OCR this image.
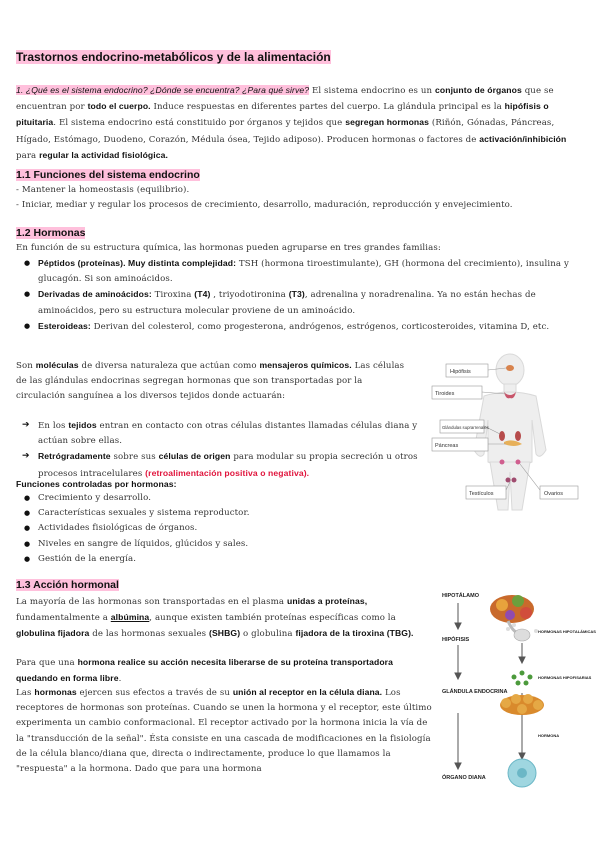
Trastornos endocrino-metabólicos y de la alimentación
1. ¿Qué es el sistema endocrino? ¿Dónde se encuentra? ¿Para qué sirve? El sistema endocrino es un conjunto de órganos que se encuentran por todo el cuerpo. Induce respuestas en diferentes partes del cuerpo. La glándula principal es la hipófisis o pituitaria. El sistema endocrino está constituido por órganos y tejidos que segregan hormonas (Riñón, Gónadas, Páncreas, Hígado, Estómago, Duodeno, Corazón, Médula ósea, Tejido adiposo). Producen hormonas o factores de activación/inhibición para regular la actividad fisiológica.
1.1 Funciones del sistema endocrino
- Mantener la homeostasis (equilibrio).
- Iniciar, mediar y regular los procesos de crecimiento, desarrollo, maduración, reproducción y envejecimiento.
1.2 Hormonas
En función de su estructura química, las hormonas pueden agruparse en tres grandes familias:
● Péptidos (proteínas). Muy distinta complejidad: TSH (hormona tiroestimulante), GH (hormona del crecimiento), insulina y glucagón. Si son aminoácidos.
● Derivadas de aminoácidos: Tiroxina (T4) , triyodotironina (T3), adrenalina y noradrenalina. Ya no están hechas de aminoácidos, pero su estructura molecular proviene de un aminoácido.
● Esteroideas: Derivan del colesterol, como progesterona, andrógenos, estrógenos, corticosteroides, vitamina D, etc.
Son moléculas de diversa naturaleza que actúan como mensajeros químicos. Las células de las glándulas endocrinas segregan hormonas que son transportadas por la circulación sanguínea a los diversos tejidos donde actuarán:
➔ En los tejidos entran en contacto con otras células distantes llamadas células diana y actúan sobre ellas.
➔ Retrógradamente sobre sus células de origen para modular su propia secreción u otros procesos intracelulares (retroalimentación positiva o negativa).
Funciones controladas por hormonas:
● Crecimiento y desarrollo.
● Características sexuales y sistema reproductor.
● Actividades fisiológicas de órganos.
● Niveles en sangre de líquidos, glúcidos y sales.
● Gestión de la energía.
1.3 Acción hormonal
La mayoría de las hormonas son transportadas en el plasma unidas a proteínas, fundamentalmente a albúmina, aunque existen también proteínas específicas como la globulina fijadora de las hormonas sexuales (SHBG) o globulina fijadora de la tiroxina (TBG).
Para que una hormona realice su acción necesita liberarse de su proteína transportadora quedando en forma libre.
Las hormonas ejercen sus efectos a través de su unión al receptor en la célula diana. Los receptores de hormonas son proteínas. Cuando se unen la hormona y el receptor, este último experimenta un cambio conformacional. El receptor activado por la hormona inicia la vía de la "transducción de la señal". Ésta consiste en una cascada de modificaciones en la fisiología de la célula blanco/diana que, directa o indirectamente, produce lo que llamamos la "respuesta" a la hormona. Dado que para una hormona
Hipófisis
Tiroides
Glándulas suprarrenales
Páncreas
Ovarios
Testículos
HIPOTÁLAMO
HIPÓFISIS
GLÁNDULA ENDOCRINA
ÓRGANO DIANA
HORMONAS HIPOTALÁMICAS
HORMONAS HIPOFISARIAS
HORMONA
